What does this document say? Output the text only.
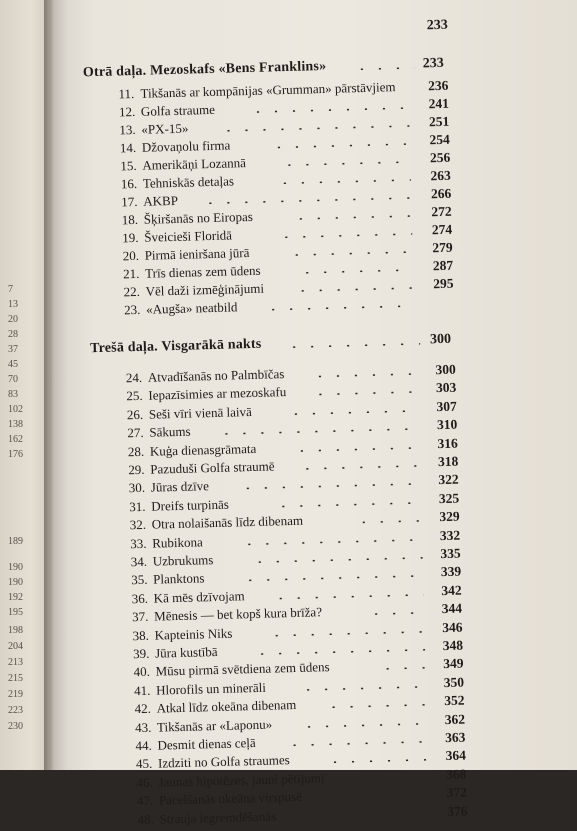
7
13
20
28
37
45
70
83
102
138
162
176
189
190
190
192
195
198
204
213
215
219
223
230
233
Otrā daļa. Mezoskafs «Bens Franklins»	233
11. Tikšanās ar kompānijas «Grumman» pārstāvjiem 236
12. Golfa straume	241
13. «PX-15»	251
14. Džovaņolu firma	254
15. Amerikāņi Lozannā	256
16. Tehniskās detaļas	263
17. AKBP	266
18. Šķiršanās no Eiropas	272
19. Šveicieši Floridā	274
20. Pirmā ieniršana jūrā	279
21. Trīs dienas zem ūdens	287
22. Vēl daži izmēģinājumi	295
23. «Augša» neatbild
Trešā daļa. Visgarākā nakts	300
24. Atvadīšanās no Palmbīčas	300
25. Iepazīsimies ar mezoskafu	303
26. Seši vīri vienā laivā	307
27. Sākums	310
28. Kuģa dienasgrāmata	316
29. Pazuduši Golfa straumē	318
30. Jūras dzīve	322
31. Dreifs turpinās	325
32. Otra nolaišanās līdz dibenam	329
33. Rubikona	332
34. Uzbrukums	335
35. Planktons	339
36. Kā mēs dzīvojam	342
37. Mēnesis — bet kopš kura brīža?	344
38. Kapteinis Niks	346
39. Jūra kustībā	348
40. Mūsu pirmā svētdiena zem ūdens	349
41. Hlorofils un minerāli	350
42. Atkal līdz okeāna dibenam	352
43. Tikšanās ar «Laponu»	362
44. Desmit dienas ceļā	363
45. Izdziti no Golfa straumes	364
46. Jaunas hipotēzes, jauni pētījumi	368
47. Pacelšanās okeāna virspusē	372
48. Strauja iegremdēšanās	376
